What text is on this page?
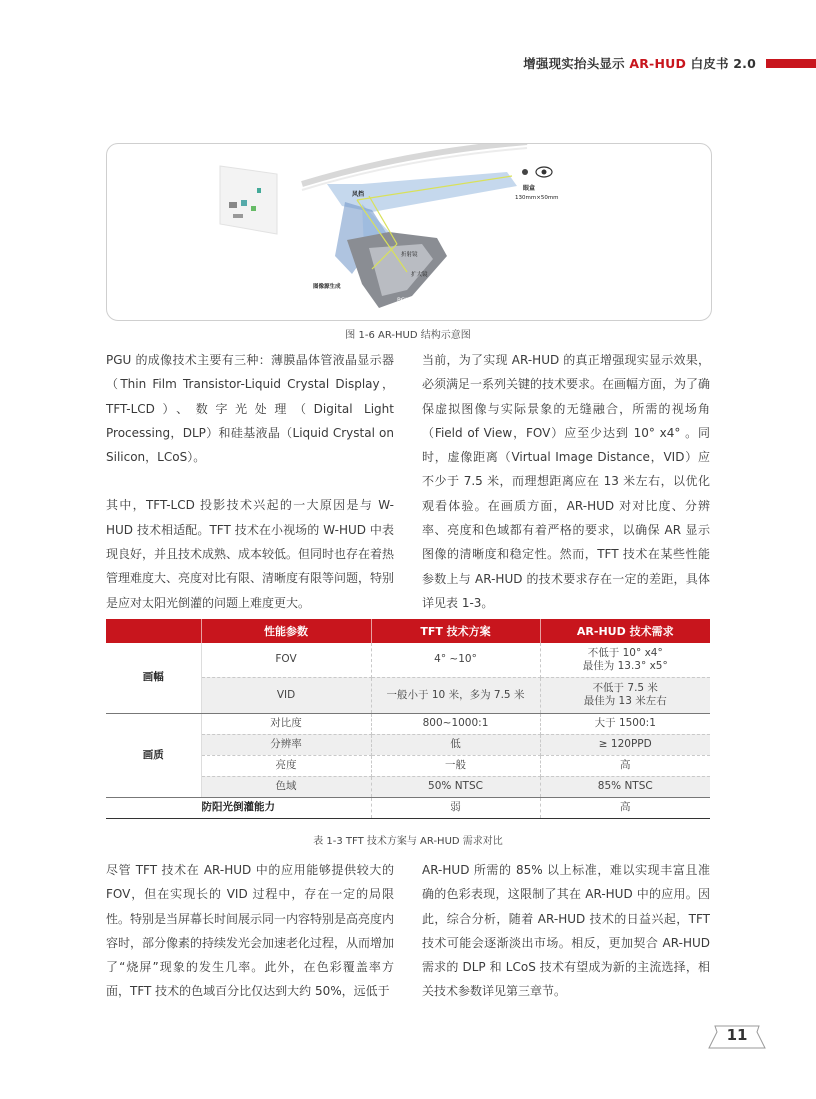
增强现实抬头显示 AR-HUD 白皮书 2.0
风挡
眼盒
130mm×50mm
折射镜
扩大镜
图像源生成
PGU
图 1-6 AR-HUD 结构示意图

PGU 的成像技术主要有三种：薄膜晶体管液晶显示器（Thin Film Transistor-Liquid Crystal Display，TFT-LCD）、数字光处理（Digital Light Processing，DLP）和硅基液晶（Liquid Crystal on Silicon，LCoS）。

其中，TFT-LCD 投影技术兴起的一大原因是与 W-HUD 技术相适配。TFT 技术在小视场的 W-HUD 中表现良好，并且技术成熟、成本较低。但同时也存在着热管理难度大、亮度对比有限、清晰度有限等问题，特别是应对太阳光倒灌的问题上难度更大。

当前，为了实现 AR-HUD 的真正增强现实显示效果，必须满足一系列关键的技术要求。在画幅方面，为了确保虚拟图像与实际景象的无缝融合，所需的视场角（Field of View，FOV）应至少达到 10° x4° 。同时，虚像距离（Virtual Image Distance，VID）应不少于 7.5 米，而理想距离应在 13 米左右，以优化观看体验。在画质方面，AR-HUD 对对比度、分辨率、亮度和色域都有着严格的要求，以确保 AR 显示图像的清晰度和稳定性。然而，TFT 技术在某些性能参数上与 AR-HUD 的技术要求存在一定的差距，具体详见表 1-3。

	性能参数	TFT 技术方案	AR-HUD 技术需求
画幅	FOV	4° ~10°	不低于 10° x4°
最佳为 13.3° x5°

	VID	一般小于 10 米，多为 7.5 米	不低于 7.5 米
最佳为 13 米左右

画质	对比度	800~1000:1	大于 1500:1
	分辨率	低	≥ 120PPD
	亮度	一般	高
	色域	50% NTSC	85% NTSC
防阳光倒灌能力		弱	高
表 1-3 TFT 技术方案与 AR-HUD 需求对比

尽管 TFT 技术在 AR-HUD 中的应用能够提供较大的 FOV，但在实现长的 VID 过程中，存在一定的局限性。特别是当屏幕长时间展示同一内容特别是高亮度内容时，部分像素的持续发光会加速老化过程，从而增加了“烧屏”现象的发生几率。此外，在色彩覆盖率方面，TFT 技术的色域百分比仅达到大约 50%，远低于

AR-HUD 所需的 85% 以上标准，难以实现丰富且准确的色彩表现，这限制了其在 AR-HUD 中的应用。因此，综合分析，随着 AR-HUD 技术的日益兴起，TFT 技术可能会逐渐淡出市场。相反，更加契合 AR-HUD 需求的 DLP 和 LCoS 技术有望成为新的主流选择，相关技术参数详见第三章节。

11
